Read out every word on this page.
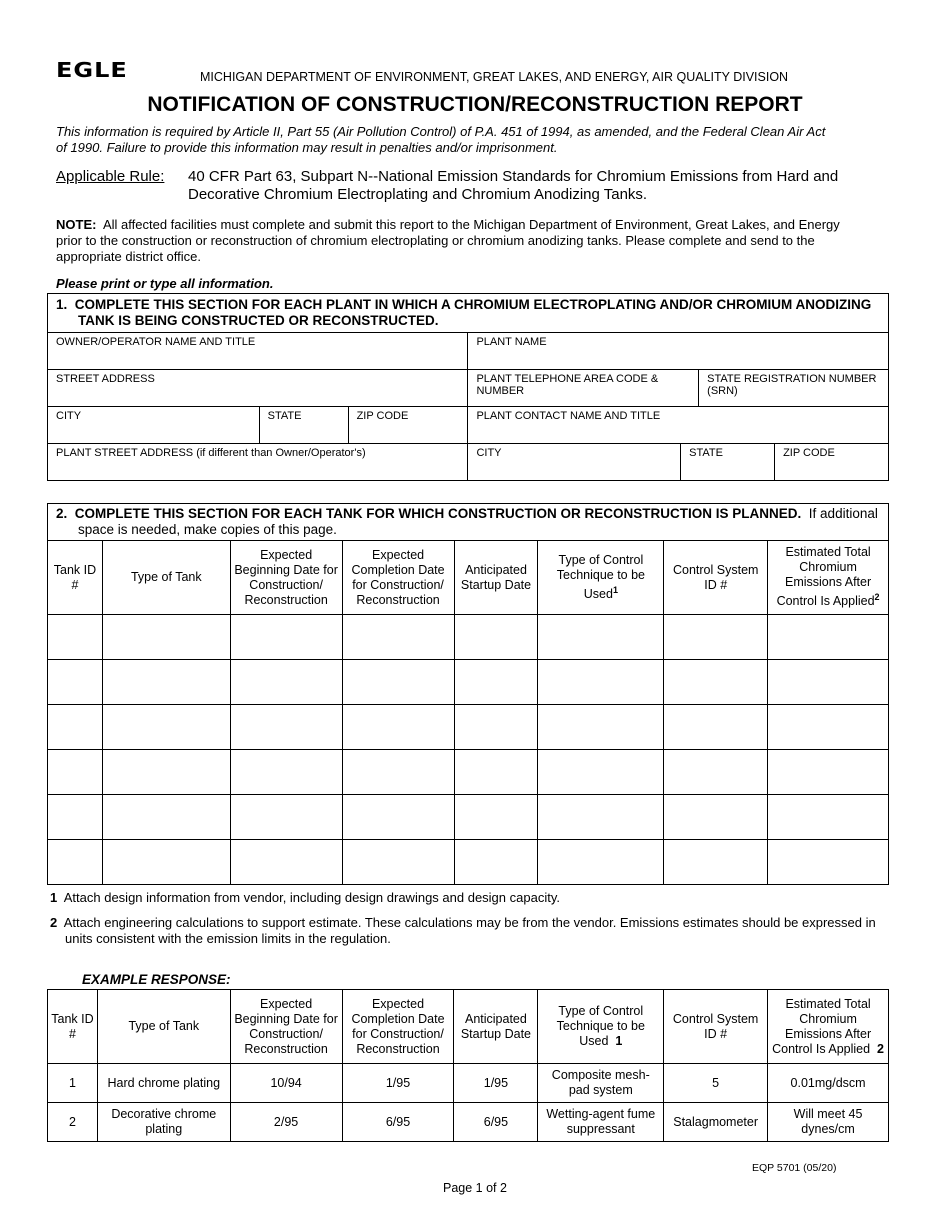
EGLE	MICHIGAN DEPARTMENT OF ENVIRONMENT, GREAT LAKES, AND ENERGY, AIR QUALITY DIVISION
NOTIFICATION OF CONSTRUCTION/RECONSTRUCTION REPORT
This information is required by Article II, Part 55 (Air Pollution Control) of P.A. 451 of 1994, as amended, and the Federal Clean Air Act of 1990. Failure to provide this information may result in penalties and/or imprisonment.
Applicable Rule: 40 CFR Part 63, Subpart N--National Emission Standards for Chromium Emissions from Hard and Decorative Chromium Electroplating and Chromium Anodizing Tanks.
NOTE: All affected facilities must complete and submit this report to the Michigan Department of Environment, Great Lakes, and Energy prior to the construction or reconstruction of chromium electroplating or chromium anodizing tanks. Please complete and send to the appropriate district office.
Please print or type all information.
1. COMPLETE THIS SECTION FOR EACH PLANT IN WHICH A CHROMIUM ELECTROPLATING AND/OR CHROMIUM ANODIZING TANK IS BEING CONSTRUCTED OR RECONSTRUCTED.						
OWNER/OPERATOR NAME AND TITLE			PLANT NAME			
STREET ADDRESS			PLANT TELEPHONE AREA CODE & NUMBER		STATE REGISTRATION NUMBER (SRN)	
CITY	STATE	ZIP CODE	PLANT CONTACT NAME AND TITLE			
PLANT STREET ADDRESS (if different than Owner/Operator's)			CITY	STATE		ZIP CODE
2. COMPLETE THIS SECTION FOR EACH TANK FOR WHICH CONSTRUCTION OR RECONSTRUCTION IS PLANNED. If additional space is needed, make copies of this page.							
Tank ID #	Type of Tank	Expected Beginning Date for Construction/ Reconstruction	Expected Completion Date for Construction/ Reconstruction	Anticipated Startup Date	Type of Control Technique to be Used$^1$	Control System ID #	Estimated Total Chromium Emissions After Control Is Applied$^2$

1 Attach design information from vendor, including design drawings and design capacity.
2 Attach engineering calculations to support estimate. These calculations may be from the vendor. Emissions estimates should be expressed in units consistent with the emission limits in the regulation.
EXAMPLE RESPONSE:
Tank ID #	Type of Tank	Expected Beginning Date for Construction/ Reconstruction	Expected Completion Date for Construction/ Reconstruction	Anticipated Startup Date	Type of Control Technique to be Used 1	Control System ID #	Estimated Total Chromium Emissions After Control Is Applied 2
1	Hard chrome plating	10/94	1/95	1/95	Composite mesh-pad system	5	0.01mg/dscm
2	Decorative chrome plating	2/95	6/95	6/95	Wetting-agent fume suppressant	Stalagmometer	Will meet 45 dynes/cm
EQP 5701 (05/20)
Page 1 of 2
